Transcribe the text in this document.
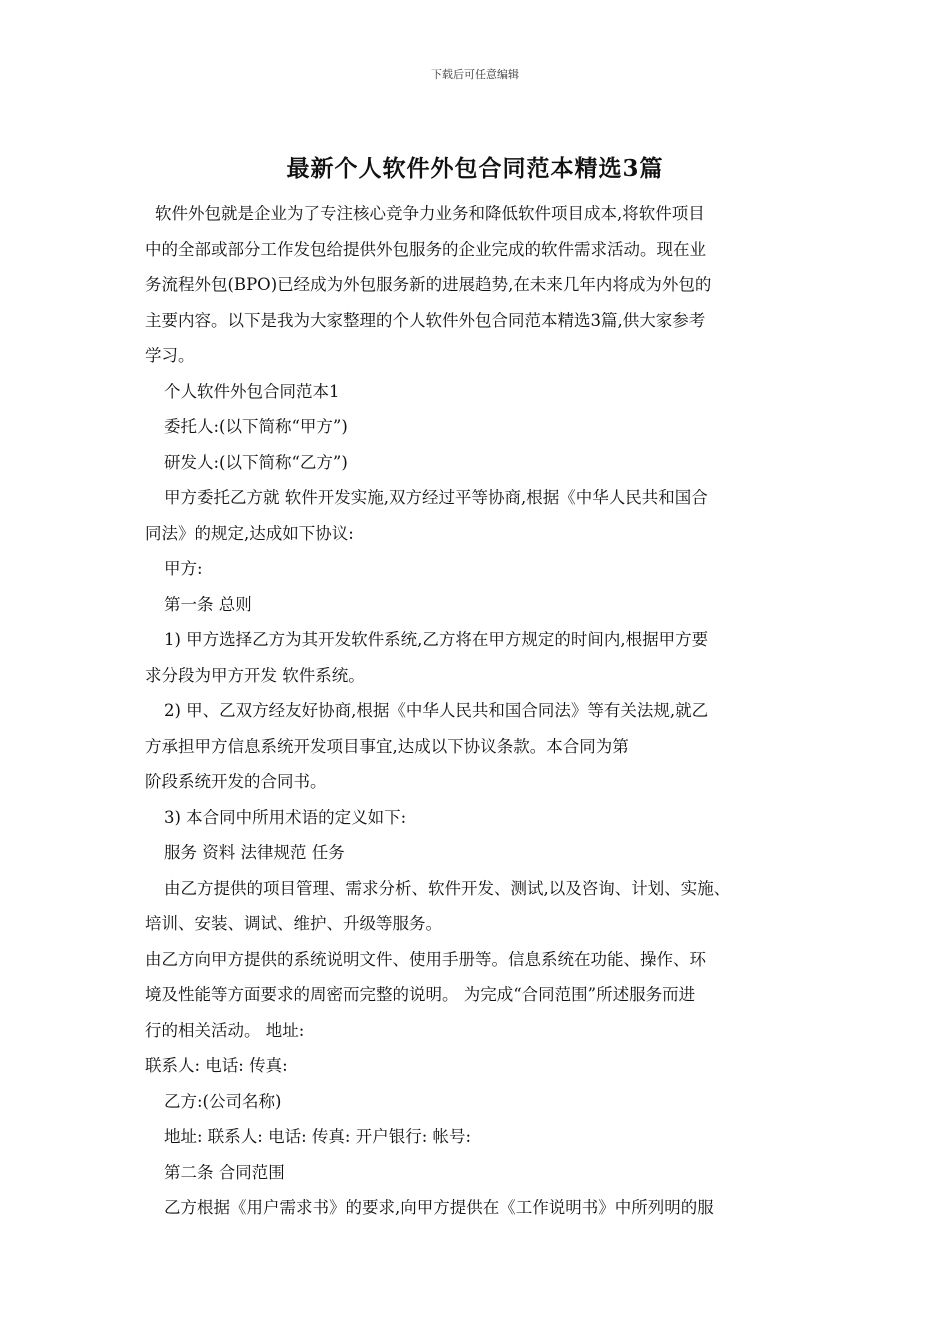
下载后可任意编辑
最新个人软件外包合同范本精选3篇

软件外包就是企业为了专注核心竞争力业务和降低软件项目成本,将软件项目

中的全部或部分工作发包给提供外包服务的企业完成的软件需求活动。现在业

务流程外包(BPO)已经成为外包服务新的进展趋势,在未来几年内将成为外包的

主要内容。以下是我为大家整理的个人软件外包合同范本精选3篇,供大家参考

学习。

个人软件外包合同范本1

委托人:(以下简称“甲方”)

研发人:(以下简称“乙方”)

甲方委托乙方就 软件开发实施,双方经过平等协商,根据《中华人民共和国合

同法》的规定,达成如下协议:

甲方:

第一条 总则

1) 甲方选择乙方为其开发软件系统,乙方将在甲方规定的时间内,根据甲方要

求分段为甲方开发 软件系统。

2) 甲、乙双方经友好协商,根据《中华人民共和国合同法》等有关法规,就乙

方承担甲方信息系统开发项目事宜,达成以下协议条款。本合同为第

阶段系统开发的合同书。

3) 本合同中所用术语的定义如下:

服务 资料 法律规范 任务

由乙方提供的项目管理、需求分析、软件开发、测试,以及咨询、计划、实施、

培训、安装、调试、维护、升级等服务。

由乙方向甲方提供的系统说明文件、使用手册等。信息系统在功能、操作、环

境及性能等方面要求的周密而完整的说明。 为完成“合同范围”所述服务而进

行的相关活动。 地址:

联系人: 电话: 传真:

乙方:(公司名称)

地址: 联系人: 电话: 传真: 开户银行: 帐号:

第二条 合同范围

乙方根据《用户需求书》的要求,向甲方提供在《工作说明书》中所列明的服
